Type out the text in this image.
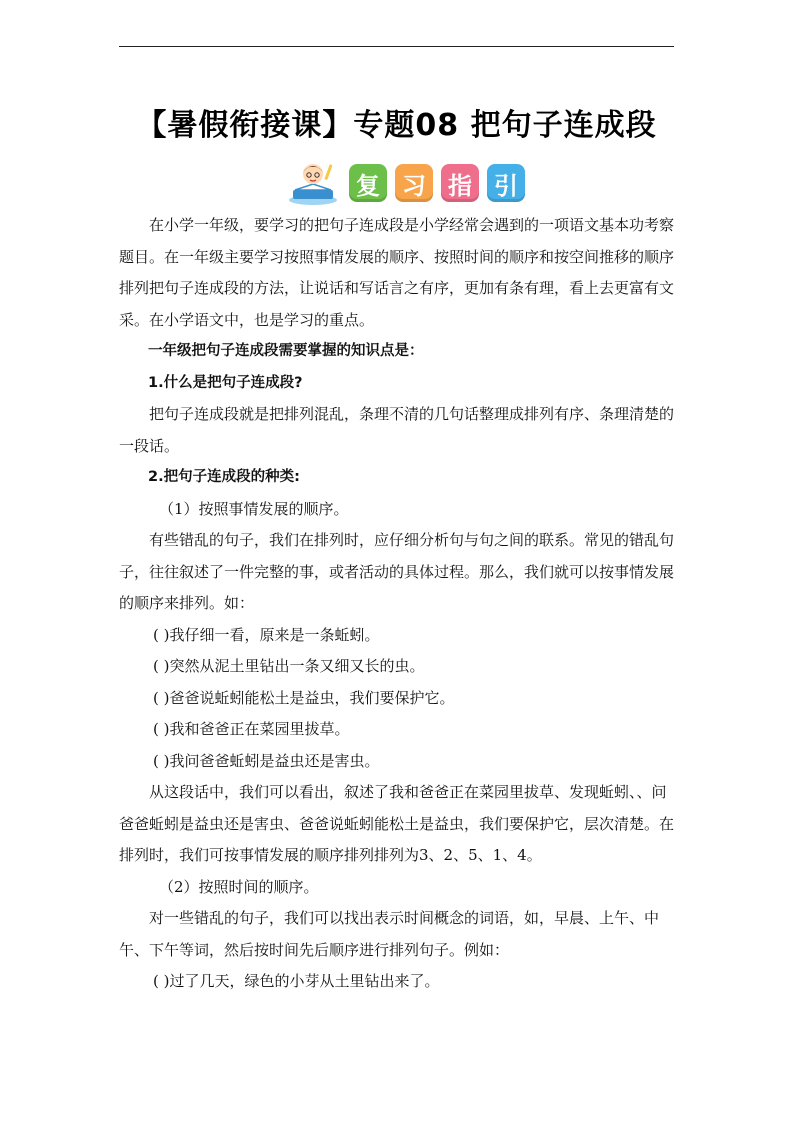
【暑假衔接课】专题08 把句子连成段
复 习 指 引

在小学一年级，要学习的把句子连成段是小学经常会遇到的一项语文基本功考察题目。在一年级主要学习按照事情发展的顺序、按照时间的顺序和按空间推移的顺序排列把句子连成段的方法，让说话和写话言之有序，更加有条有理，看上去更富有文采。在小学语文中，也是学习的重点。

一年级把句子连成段需要掌握的知识点是：

1.什么是把句子连成段?

把句子连成段就是把排列混乱，条理不清的几句话整理成排列有序、条理清楚的一段话。

2.把句子连成段的种类:

（1）按照事情发展的顺序。

有些错乱的句子，我们在排列时，应仔细分析句与句之间的联系。常见的错乱句子，往往叙述了一件完整的事，或者活动的具体过程。那么，我们就可以按事情发展的顺序来排列。如：

( )我仔细一看，原来是一条蚯蚓。

( )突然从泥土里钻出一条又细又长的虫。

( )爸爸说蚯蚓能松土是益虫，我们要保护它。

( )我和爸爸正在菜园里拔草。

( )我问爸爸蚯蚓是益虫还是害虫。

从这段话中，我们可以看出，叙述了我和爸爸正在菜园里拔草、发现蚯蚓、、问爸爸蚯蚓是益虫还是害虫、爸爸说蚯蚓能松土是益虫，我们要保护它，层次清楚。在排列时，我们可按事情发展的顺序排列排列为3、2、5、1、4。

（2）按照时间的顺序。

对一些错乱的句子，我们可以找出表示时间概念的词语，如，早晨、上午、中午、下午等词，然后按时间先后顺序进行排列句子。例如：

( )过了几天，绿色的小芽从土里钻出来了。
